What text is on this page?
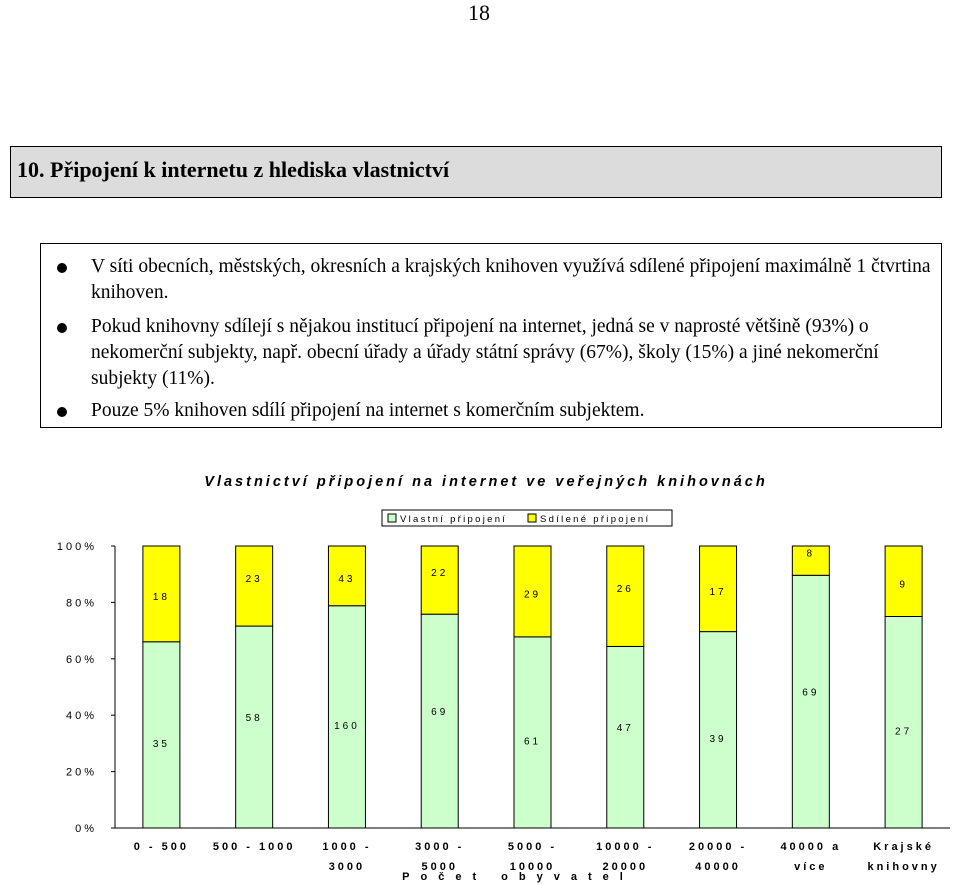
18
10. Připojení k internetu z hlediska vlastnictví
V síti obecních, městských, okresních a krajských knihoven využívá sdílené připojení maximálně 1 čtvrtina knihoven.
Pokud knihovny sdílejí s nějakou institucí připojení na internet, jedná se v naprosté většině (93%) o nekomerční subjekty, např. obecní úřady a úřady státní správy (67%), školy (15%) a jiné nekomerční subjekty (11%).
Pouze 5% knihoven sdílí připojení na internet s komerčním subjektem.
Vlastnictví připojení na internet ve veřejných knihovnách
Vlastní připojení	Sdílené připojení
100%
80%
60%
40%
20%
0%
35
18
0 - 500
58
23
500 - 1000
160
43
1000 -
3000
69
22
3000 -
5000
61
29
5000 -
10000
47
26
10000 -
20000
39
17
20000 -
40000
69
8
40000 a
více
27
9
Krajské
knihovny
Počet obyvatel
